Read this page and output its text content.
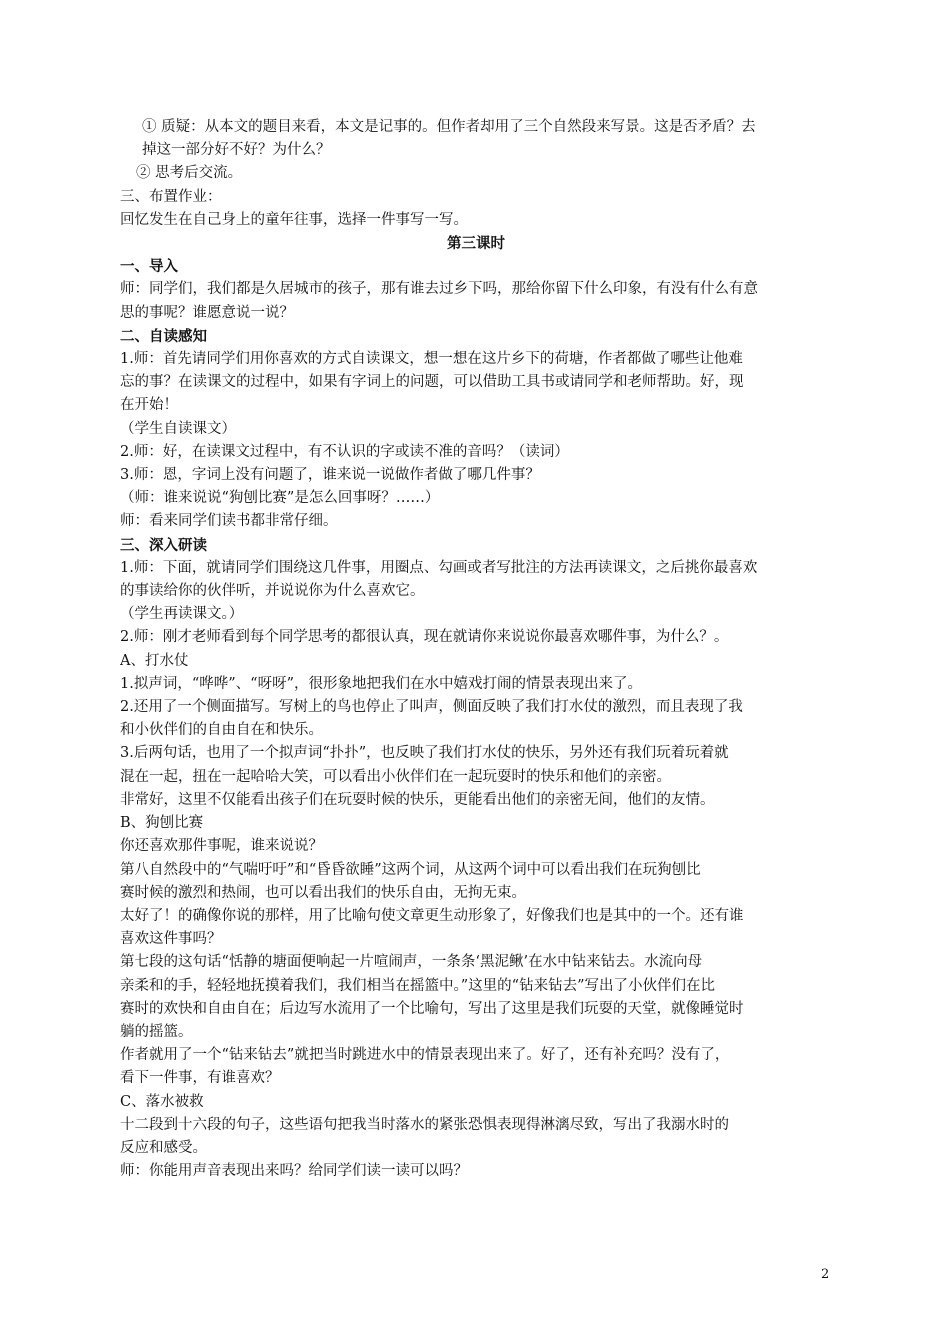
① 质疑：从本文的题目来看，本文是记事的。但作者却用了三个自然段来写景。这是否矛盾？去
掉这一部分好不好？为什么？
② 思考后交流。
三、布置作业：
回忆发生在自己身上的童年往事，选择一件事写一写。
第三课时
一、导入
师：同学们，我们都是久居城市的孩子，那有谁去过乡下吗，那给你留下什么印象，有没有什么有意
思的事呢？谁愿意说一说？
二、自读感知
1.师：首先请同学们用你喜欢的方式自读课文，想一想在这片乡下的荷塘，作者都做了哪些让他难
忘的事？在读课文的过程中，如果有字词上的问题，可以借助工具书或请同学和老师帮助。好，现
在开始！
（学生自读课文）
2.师：好，在读课文过程中，有不认识的字或读不准的音吗？（读词）
3.师：恩，字词上没有问题了，谁来说一说做作者做了哪几件事？
（师：谁来说说“狗刨比赛”是怎么回事呀？……）
师：看来同学们读书都非常仔细。
三、深入研读
1.师：下面，就请同学们围绕这几件事，用圈点、勾画或者写批注的方法再读课文，之后挑你最喜欢
的事读给你的伙伴听，并说说你为什么喜欢它。
（学生再读课文。）
2.师：刚才老师看到每个同学思考的都很认真，现在就请你来说说你最喜欢哪件事，为什么？。
A、打水仗
1.拟声词，“哗哗”、“呀呀”，很形象地把我们在水中嬉戏打闹的情景表现出来了。
2.还用了一个侧面描写。写树上的鸟也停止了叫声，侧面反映了我们打水仗的激烈，而且表现了我
和小伙伴们的自由自在和快乐。
3.后两句话，也用了一个拟声词“扑扑”，也反映了我们打水仗的快乐，另外还有我们玩着玩着就
混在一起，扭在一起哈哈大笑，可以看出小伙伴们在一起玩耍时的快乐和他们的亲密。
非常好，这里不仅能看出孩子们在玩耍时候的快乐，更能看出他们的亲密无间，他们的友情。
B、狗刨比赛
你还喜欢那件事呢，谁来说说？
第八自然段中的“气喘吁吁”和“昏昏欲睡”这两个词，从这两个词中可以看出我们在玩狗刨比
赛时候的激烈和热闹，也可以看出我们的快乐自由，无拘无束。
太好了！的确像你说的那样，用了比喻句使文章更生动形象了，好像我们也是其中的一个。还有谁
喜欢这件事吗？
第七段的这句话“恬静的塘面便响起一片喧闹声，一条条‘黑泥鳅’在水中钻来钻去。水流向母
亲柔和的手，轻轻地抚摸着我们，我们相当在摇篮中。”这里的“钻来钻去”写出了小伙伴们在比
赛时的欢快和自由自在；后边写水流用了一个比喻句，写出了这里是我们玩耍的天堂，就像睡觉时
躺的摇篮。
作者就用了一个“钻来钻去”就把当时跳进水中的情景表现出来了。好了，还有补充吗？没有了，
看下一件事，有谁喜欢？
C、落水被救
十二段到十六段的句子，这些语句把我当时落水的紧张恐惧表现得淋漓尽致，写出了我溺水时的
反应和感受。
师：你能用声音表现出来吗？给同学们读一读可以吗？
2
